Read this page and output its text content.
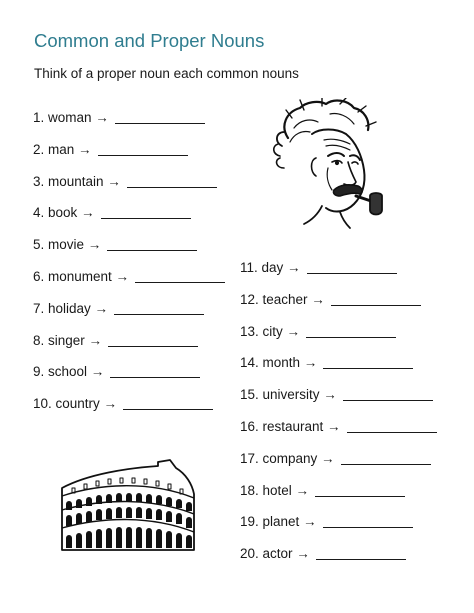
Common and Proper Nouns
Think of a proper noun each common nouns
1. woman →
2. man →
3. mountain →
4. book →
5. movie →
6. monument →
7. holiday →
8. singer →
9. school →
10. country →
11. day →
12. teacher →
13. city →
14. month →
15. university →
16. restaurant →
17. company →
18. hotel →
19. planet →
20. actor →
